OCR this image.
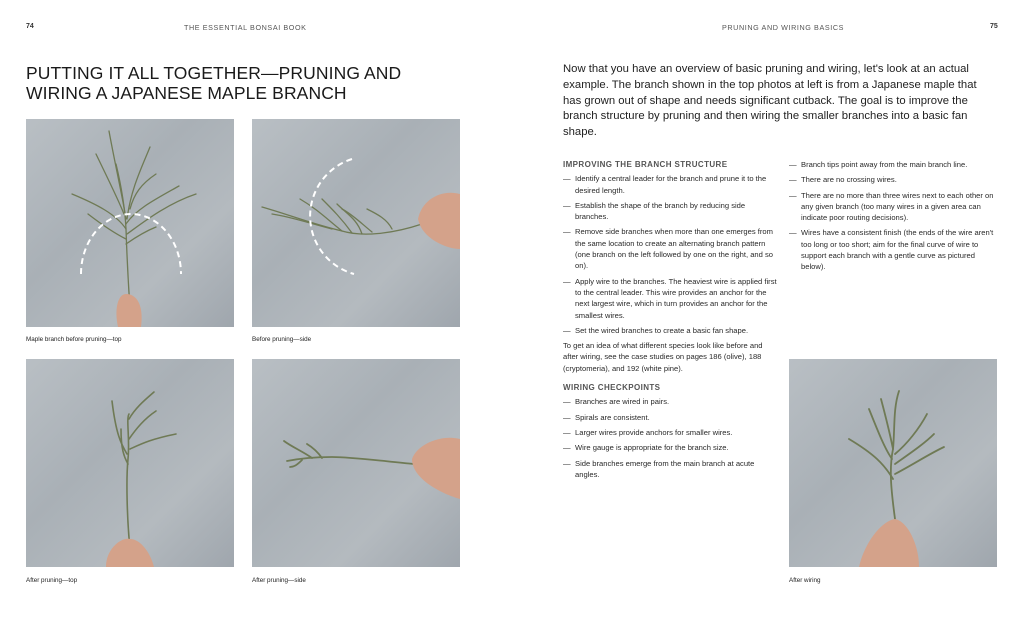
74	THE ESSENTIAL BONSAI BOOK
PUTTING IT ALL TOGETHER—PRUNING AND WIRING A JAPANESE MAPLE BRANCH
Maple branch before pruning—top	Before pruning—side
After pruning—top	After pruning—side
PRUNING AND WIRING BASICS	75
Now that you have an overview of basic pruning and wiring, let's look at an actual example. The branch shown in the top photos at left is from a Japanese maple that has grown out of shape and needs significant cutback. The goal is to improve the branch structure by pruning and then wiring the smaller branches into a basic fan shape.
IMPROVING THE BRANCH STRUCTURE
— Identify a central leader for the branch and prune it to the desired length.
— Establish the shape of the branch by reducing side branches.
— Remove side branches when more than one emerges from the same location to create an alternating branch pattern (one branch on the left followed by one on the right, and so on).
— Apply wire to the branches. The heaviest wire is applied first to the central leader. This wire provides an anchor for the next largest wire, which in turn provides an anchor for the smallest wires.
— Set the wired branches to create a basic fan shape.
To get an idea of what different species look like before and after wiring, see the case studies on pages 186 (olive), 188 (cryptomeria), and 192 (white pine).
WIRING CHECKPOINTS
— Branches are wired in pairs.
— Spirals are consistent.
— Larger wires provide anchors for smaller wires.
— Wire gauge is appropriate for the branch size.
— Side branches emerge from the main branch at acute angles.
— Branch tips point away from the main branch line.
— There are no crossing wires.
— There are no more than three wires next to each other on any given branch (too many wires in a given area can indicate poor routing decisions).
— Wires have a consistent finish (the ends of the wire aren't too long or too short; aim for the final curve of wire to support each branch with a gentle curve as pictured below).
After wiring
